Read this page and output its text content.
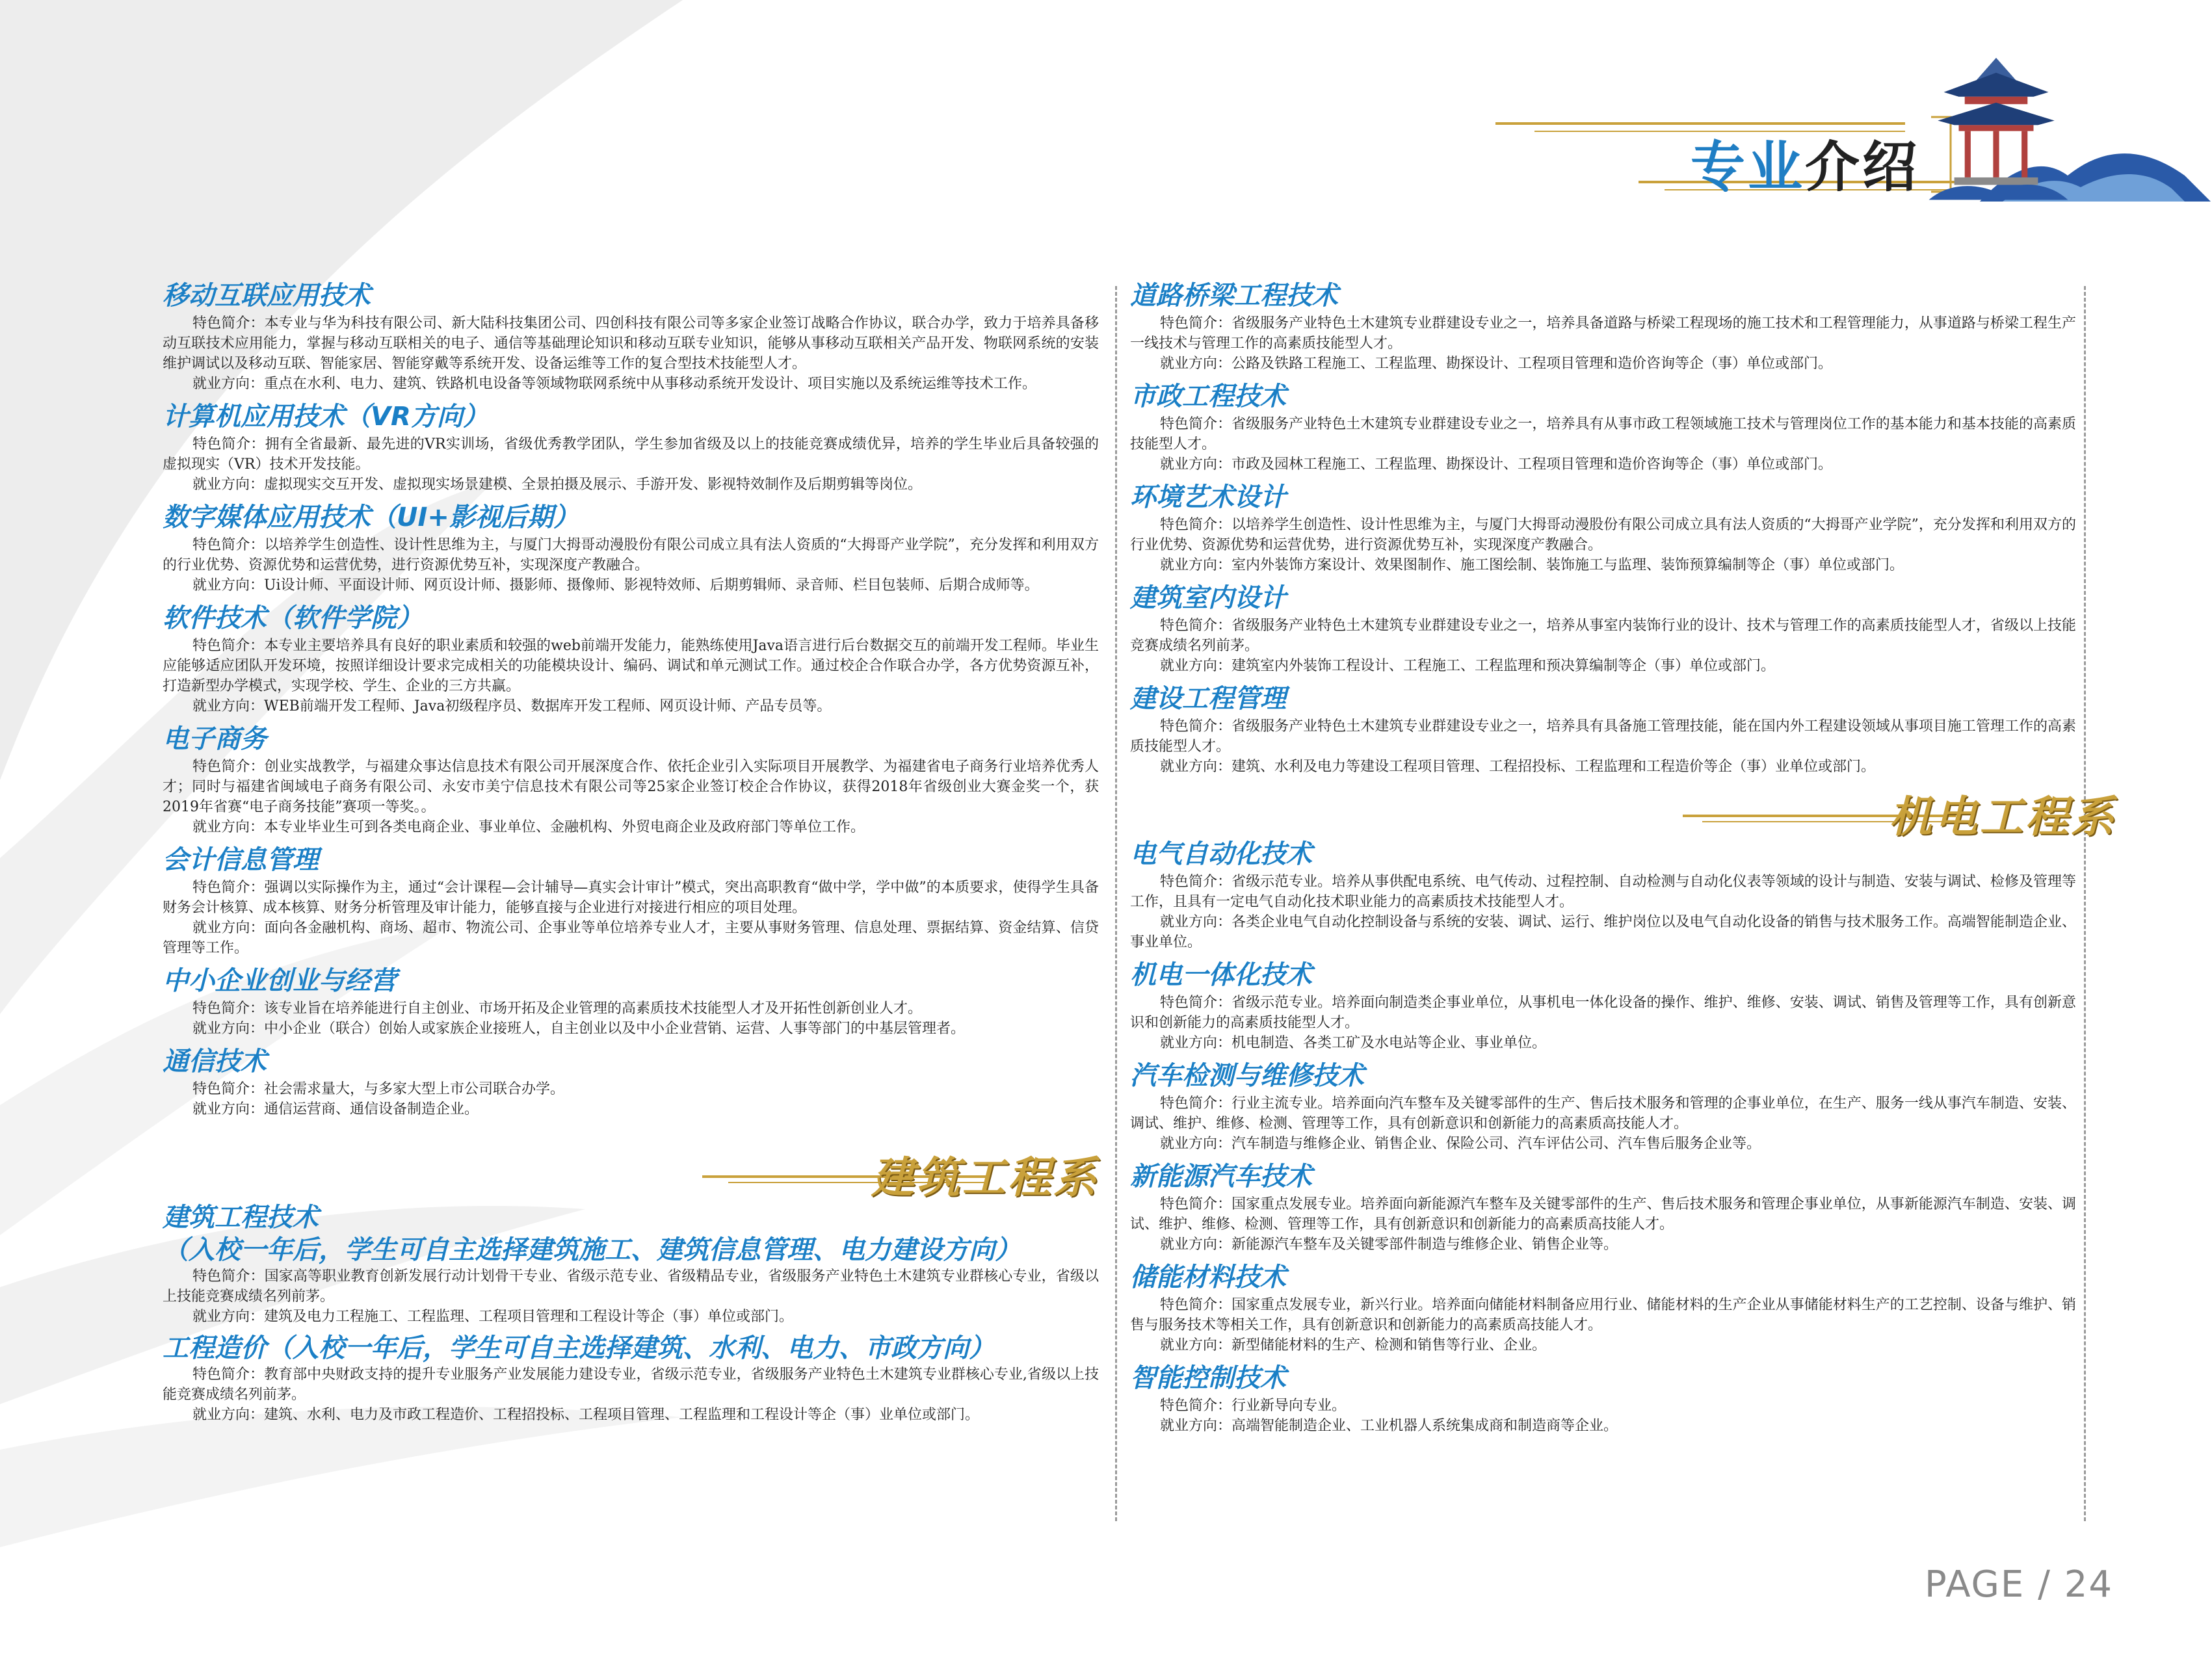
专业介绍
移动互联应用技术

特色简介：本专业与华为科技有限公司、新大陆科技集团公司、四创科技有限公司等多家企业签订战略合作协议，联合办学，致力于培养具备移动互联技术应用能力，掌握与移动互联相关的电子、通信等基础理论知识和移动互联专业知识，能够从事移动互联相关产品开发、物联网系统的安装维护调试以及移动互联、智能家居、智能穿戴等系统开发、设备运维等工作的复合型技术技能型人才。

就业方向：重点在水利、电力、建筑、铁路机电设备等领域物联网系统中从事移动系统开发设计、项目实施以及系统运维等技术工作。

计算机应用技术（VR方向）

特色简介：拥有全省最新、最先进的VR实训场，省级优秀教学团队，学生参加省级及以上的技能竞赛成绩优异，培养的学生毕业后具备较强的虚拟现实（VR）技术开发技能。

就业方向：虚拟现实交互开发、虚拟现实场景建模、全景拍摄及展示、手游开发、影视特效制作及后期剪辑等岗位。

数字媒体应用技术（UI+影视后期）

特色简介：以培养学生创造性、设计性思维为主，与厦门大拇哥动漫股份有限公司成立具有法人资质的“大拇哥产业学院”，充分发挥和利用双方的行业优势、资源优势和运营优势，进行资源优势互补，实现深度产教融合。

就业方向：Ui设计师、平面设计师、网页设计师、摄影师、摄像师、影视特效师、后期剪辑师、录音师、栏目包装师、后期合成师等。

软件技术（软件学院）

特色简介：本专业主要培养具有良好的职业素质和较强的web前端开发能力，能熟练使用Java语言进行后台数据交互的前端开发工程师。毕业生应能够适应团队开发环境，按照详细设计要求完成相关的功能模块设计、编码、调试和单元测试工作。通过校企合作联合办学，各方优势资源互补，打造新型办学模式，实现学校、学生、企业的三方共赢。

就业方向：WEB前端开发工程师、Java初级程序员、数据库开发工程师、网页设计师、产品专员等。

电子商务

特色简介：创业实战教学，与福建众事达信息技术有限公司开展深度合作、依托企业引入实际项目开展教学、为福建省电子商务行业培养优秀人才；同时与福建省闽域电子商务有限公司、永安市美宁信息技术有限公司等25家企业签订校企合作协议，获得2018年省级创业大赛金奖一个，获2019年省赛“电子商务技能”赛项一等奖。。

就业方向：本专业毕业生可到各类电商企业、事业单位、金融机构、外贸电商企业及政府部门等单位工作。

会计信息管理

特色简介：强调以实际操作为主，通过“会计课程—会计辅导—真实会计审计”模式，突出高职教育“做中学，学中做”的本质要求，使得学生具备财务会计核算、成本核算、财务分析管理及审计能力，能够直接与企业进行对接进行相应的项目处理。

就业方向：面向各金融机构、商场、超市、物流公司、企事业等单位培养专业人才，主要从事财务管理、信息处理、票据结算、资金结算、信贷管理等工作。

中小企业创业与经营

特色简介：该专业旨在培养能进行自主创业、市场开拓及企业管理的高素质技术技能型人才及开拓性创新创业人才。

就业方向：中小企业（联合）创始人或家族企业接班人，自主创业以及中小企业营销、运营、人事等部门的中基层管理者。

通信技术

特色简介：社会需求量大，与多家大型上市公司联合办学。

就业方向：通信运营商、通信设备制造企业。

建筑工程系
建筑工程技术
（入校一年后，学生可自主选择建筑施工、建筑信息管理、电力建设方向）

特色简介：国家高等职业教育创新发展行动计划骨干专业、省级示范专业、省级精品专业，省级服务产业特色土木建筑专业群核心专业，省级以上技能竞赛成绩名列前茅。

就业方向：建筑及电力工程施工、工程监理、工程项目管理和工程设计等企（事）单位或部门。

工程造价（入校一年后，学生可自主选择建筑、水利、电力、市政方向）

特色简介：教育部中央财政支持的提升专业服务产业发展能力建设专业，省级示范专业，省级服务产业特色土木建筑专业群核心专业,省级以上技能竞赛成绩名列前茅。

就业方向：建筑、水利、电力及市政工程造价、工程招投标、工程项目管理、工程监理和工程设计等企（事）业单位或部门。

道路桥梁工程技术

特色简介：省级服务产业特色土木建筑专业群建设专业之一，培养具备道路与桥梁工程现场的施工技术和工程管理能力，从事道路与桥梁工程生产一线技术与管理工作的高素质技能型人才。

就业方向：公路及铁路工程施工、工程监理、勘探设计、工程项目管理和造价咨询等企（事）单位或部门。

市政工程技术

特色简介：省级服务产业特色土木建筑专业群建设专业之一，培养具有从事市政工程领域施工技术与管理岗位工作的基本能力和基本技能的高素质技能型人才。

就业方向：市政及园林工程施工、工程监理、勘探设计、工程项目管理和造价咨询等企（事）单位或部门。

环境艺术设计

特色简介：以培养学生创造性、设计性思维为主，与厦门大拇哥动漫股份有限公司成立具有法人资质的“大拇哥产业学院”，充分发挥和利用双方的行业优势、资源优势和运营优势，进行资源优势互补，实现深度产教融合。

就业方向：室内外装饰方案设计、效果图制作、施工图绘制、装饰施工与监理、装饰预算编制等企（事）单位或部门。

建筑室内设计

特色简介：省级服务产业特色土木建筑专业群建设专业之一，培养从事室内装饰行业的设计、技术与管理工作的高素质技能型人才，省级以上技能竞赛成绩名列前茅。

就业方向：建筑室内外装饰工程设计、工程施工、工程监理和预决算编制等企（事）单位或部门。

建设工程管理

特色简介：省级服务产业特色土木建筑专业群建设专业之一，培养具有具备施工管理技能，能在国内外工程建设领域从事项目施工管理工作的高素质技能型人才。

就业方向：建筑、水利及电力等建设工程项目管理、工程招投标、工程监理和工程造价等企（事）业单位或部门。

机电工程系
电气自动化技术

特色简介：省级示范专业。培养从事供配电系统、电气传动、过程控制、自动检测与自动化仪表等领域的设计与制造、安装与调试、检修及管理等工作，且具有一定电气自动化技术职业能力的高素质技术技能型人才。

就业方向：各类企业电气自动化控制设备与系统的安装、调试、运行、维护岗位以及电气自动化设备的销售与技术服务工作。高端智能制造企业、事业单位。

机电一体化技术

特色简介：省级示范专业。培养面向制造类企事业单位，从事机电一体化设备的操作、维护、维修、安装、调试、销售及管理等工作，具有创新意识和创新能力的高素质技能型人才。

就业方向：机电制造、各类工矿及水电站等企业、事业单位。

汽车检测与维修技术

特色简介：行业主流专业。培养面向汽车整车及关键零部件的生产、售后技术服务和管理的企事业单位，在生产、服务一线从事汽车制造、安装、调试、维护、维修、检测、管理等工作，具有创新意识和创新能力的高素质高技能人才。

就业方向：汽车制造与维修企业、销售企业、保险公司、汽车评估公司、汽车售后服务企业等。

新能源汽车技术

特色简介：国家重点发展专业。培养面向新能源汽车整车及关键零部件的生产、售后技术服务和管理企事业单位，从事新能源汽车制造、安装、调试、维护、维修、检测、管理等工作，具有创新意识和创新能力的高素质高技能人才。

就业方向：新能源汽车整车及关键零部件制造与维修企业、销售企业等。

储能材料技术

特色简介：国家重点发展专业，新兴行业。培养面向储能材料制备应用行业、储能材料的生产企业从事储能材料生产的工艺控制、设备与维护、销售与服务技术等相关工作，具有创新意识和创新能力的高素质高技能人才。

就业方向：新型储能材料的生产、检测和销售等行业、企业。

智能控制技术

特色简介：行业新导向专业。

就业方向：高端智能制造企业、工业机器人系统集成商和制造商等企业。

PAGE / 24
